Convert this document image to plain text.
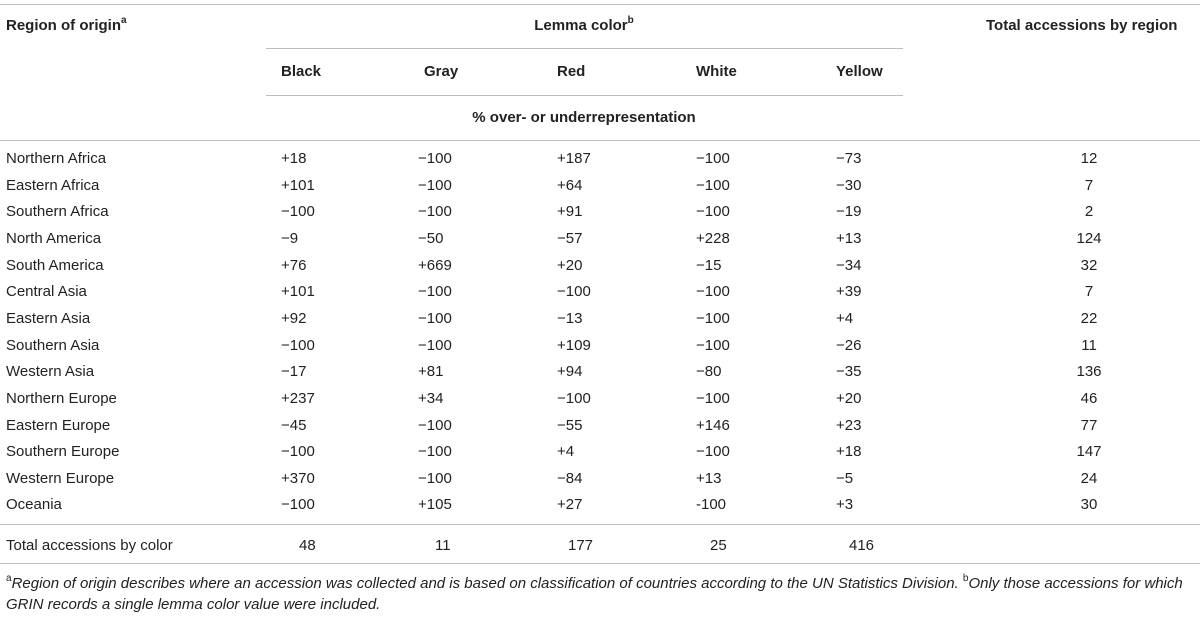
Region of origin$^a$	Lemma color$^b$	Total accessions by region
Black	Gray	Red	White	Yellow
% over- or underrepresentation
Northern Africa	+18	−100	+187	−100	−73	12
Eastern Africa	+101	−100	+64	−100	−30	7
Southern Africa	−100	−100	+91	−100	−19	2
North America	−9	−50	−57	+228	+13	124
South America	+76	+669	+20	−15	−34	32
Central Asia	+101	−100	−100	−100	+39	7
Eastern Asia	+92	−100	−13	−100	+4	22
Southern Asia	−100	−100	+109	−100	−26	11
Western Asia	−17	+81	+94	−80	−35	136
Northern Europe	+237	+34	−100	−100	+20	46
Eastern Europe	−45	−100	−55	+146	+23	77
Southern Europe	−100	−100	+4	−100	+18	147
Western Europe	+370	−100	−84	+13	−5	24
Oceania	−100	+105	+27	-100	+3	30
Total accessions by color	48	11	177	25	416
$^a$Region of origin describes where an accession was collected and is based on classification of countries according to the UN Statistics Division. $^b$Only those accessions for which GRIN records a single lemma color value were included.
